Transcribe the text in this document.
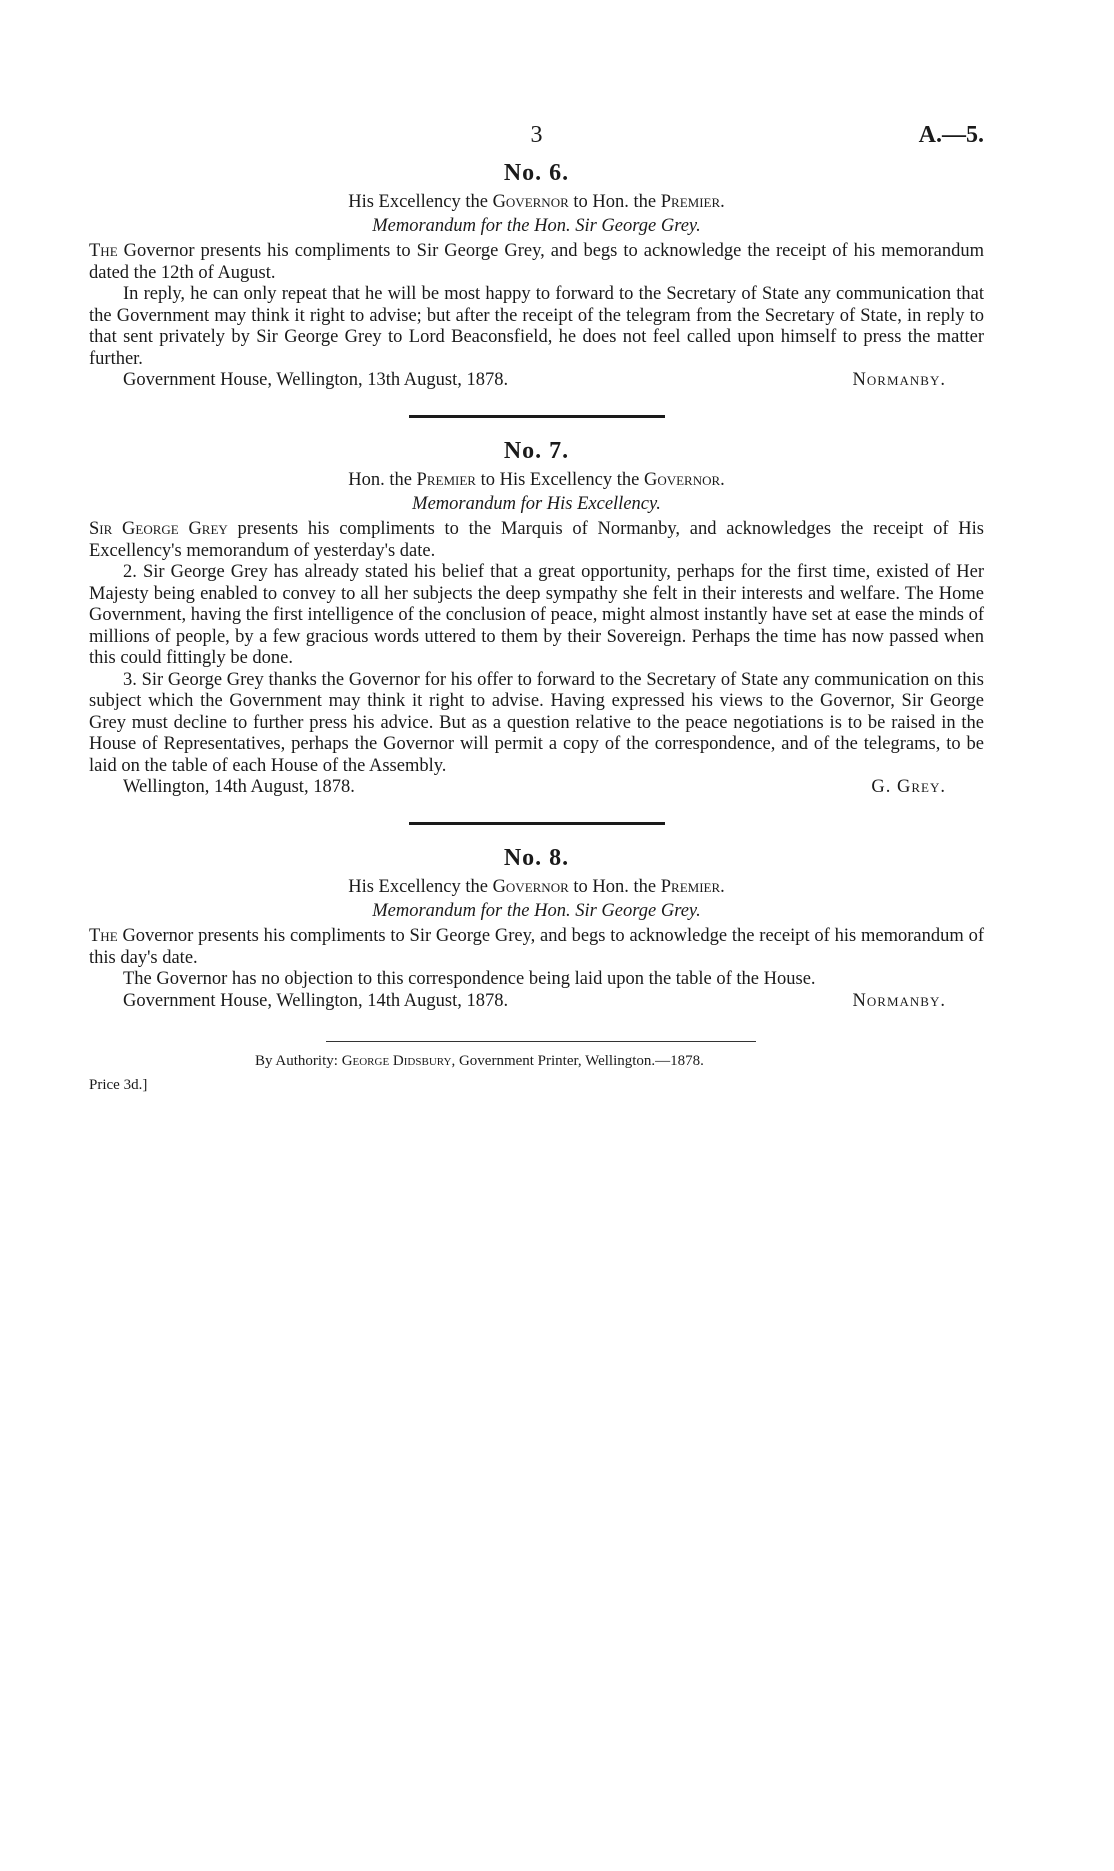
3	A.—5.
No. 6.
His Excellency the Governor to Hon. the Premier.
Memorandum for the Hon. Sir George Grey.

The Governor presents his compliments to Sir George Grey, and begs to acknowledge the receipt of his memorandum dated the 12th of August.

In reply, he can only repeat that he will be most happy to forward to the Secretary of State any communication that the Government may think it right to advise; but after the receipt of the telegram from the Secretary of State, in reply to that sent privately by Sir George Grey to Lord Beaconsfield, he does not feel called upon himself to press the matter further.

Government House, Wellington, 13th August, 1878.	Normanby.
No. 7.
Hon. the Premier to His Excellency the Governor.
Memorandum for His Excellency.

Sir George Grey presents his compliments to the Marquis of Normanby, and acknowledges the receipt of His Excellency's memorandum of yesterday's date.

2. Sir George Grey has already stated his belief that a great opportunity, perhaps for the first time, existed of Her Majesty being enabled to convey to all her subjects the deep sympathy she felt in their interests and welfare. The Home Government, having the first intelligence of the conclusion of peace, might almost instantly have set at ease the minds of millions of people, by a few gracious words uttered to them by their Sovereign. Perhaps the time has now passed when this could fittingly be done.

3. Sir George Grey thanks the Governor for his offer to forward to the Secretary of State any communication on this subject which the Government may think it right to advise. Having expressed his views to the Governor, Sir George Grey must decline to further press his advice. But as a question relative to the peace negotiations is to be raised in the House of Representatives, perhaps the Governor will permit a copy of the correspondence, and of the telegrams, to be laid on the table of each House of the Assembly.

Wellington, 14th August, 1878.	G. Grey.
No. 8.
His Excellency the Governor to Hon. the Premier.
Memorandum for the Hon. Sir George Grey.

The Governor presents his compliments to Sir George Grey, and begs to acknowledge the receipt of his memorandum of this day's date.

The Governor has no objection to this correspondence being laid upon the table of the House.

Government House, Wellington, 14th August, 1878.	Normanby.
By Authority: George Didsbury, Government Printer, Wellington.—1878.
Price 3d.]
